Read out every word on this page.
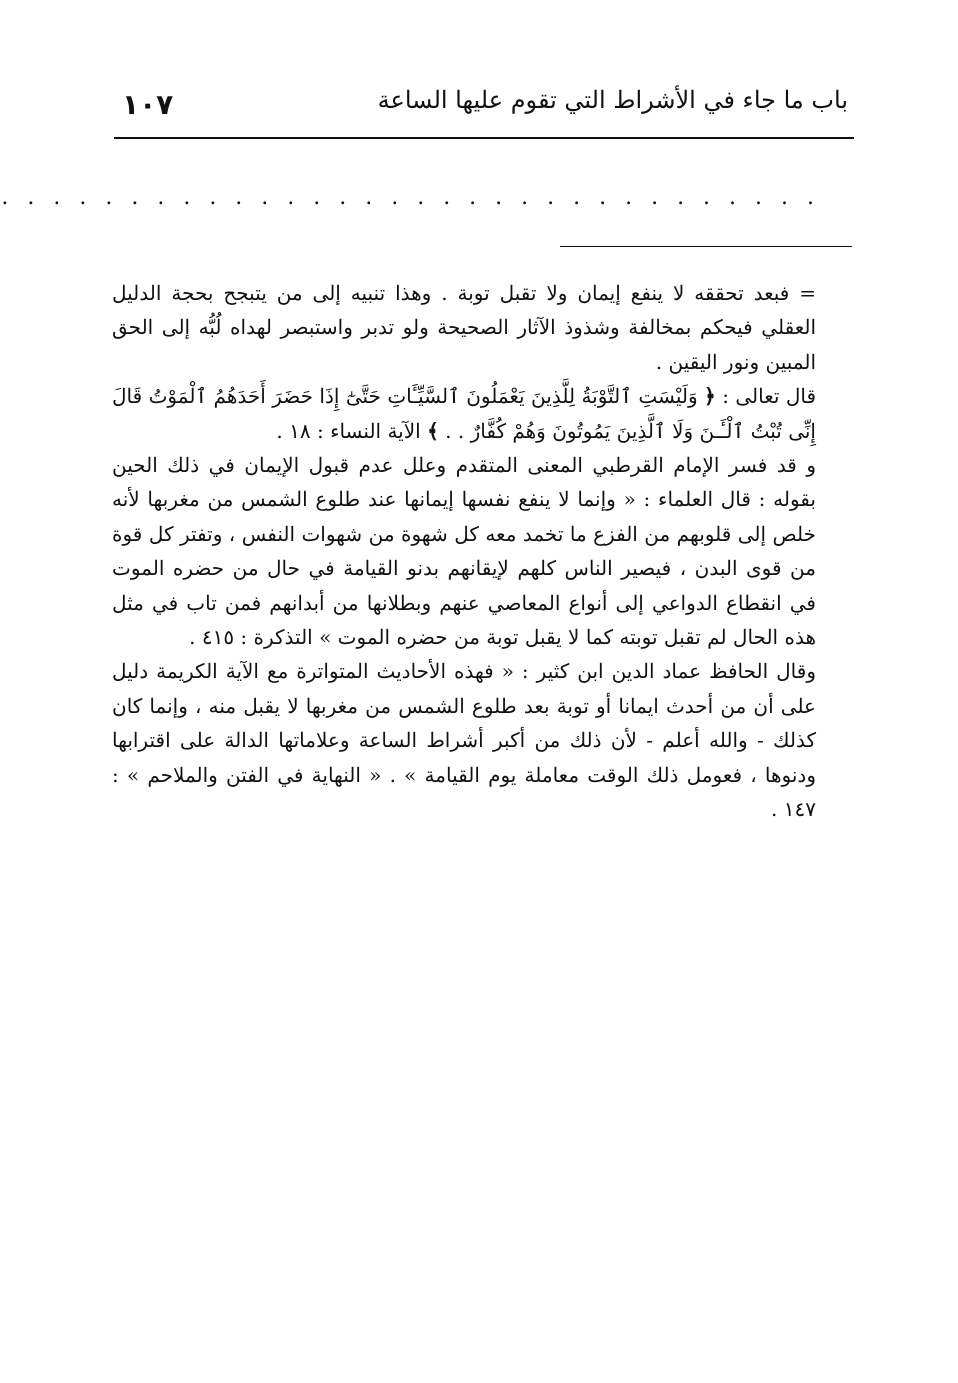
باب ما جاء في الأشراط التي تقوم عليها الساعة
١٠٧
. . . . . . . . . . . . . . . . . . . . . . . . . . . . . . . .

= فبعد تحققه لا ينفع إيمان ولا تقبل توبة . وهذا تنبيه إلى من يتبجح بحجة الدليل العقلي فيحكم بمخالفة وشذوذ الآثار الصحيحة ولو تدبر واستبصر لهداه لُبُّه إلى الحق المبين ونور اليقين .

قال تعالى : ﴿ وَلَيْسَتِ ٱلتَّوْبَةُ لِلَّذِينَ يَعْمَلُونَ ٱلسَّيِّـَٔاتِ حَتَّىٰٓ إِذَا حَضَرَ أَحَدَهُمُ ٱلْمَوْتُ قَالَ إِنِّى تُبْتُ ٱلْـَٔـنَ وَلَا ٱلَّذِينَ يَمُوتُونَ وَهُمْ كُفَّارٌ . . ﴾ الآية النساء : ١٨ .

و قد فسر الإمام القرطبي المعنى المتقدم وعلل عدم قبول الإيمان في ذلك الحين بقوله : قال العلماء : « وإنما لا ينفع نفسها إيمانها عند طلوع الشمس من مغربها لأنه خلص إلى قلوبهم من الفزع ما تخمد معه كل شهوة من شهوات النفس ، وتفتر كل قوة من قوى البدن ، فيصير الناس كلهم لإيقانهم بدنو القيامة في حال من حضره الموت في انقطاع الدواعي إلى أنواع المعاصي عنهم وبطلانها من أبدانهم فمن تاب في مثل هذه الحال لم تقبل توبته كما لا يقبل توبة من حضره الموت » التذكرة : ٤١٥ .

وقال الحافظ عماد الدين ابن كثير : « فهذه الأحاديث المتواترة مع الآية الكريمة دليل على أن من أحدث ايمانا أو توبة بعد طلوع الشمس من مغربها لا يقبل منه ، وإنما كان كذلك - والله أعلم - لأن ذلك من أكبر أشراط الساعة وعلاماتها الدالة على اقترابها ودنوها ، فعومل ذلك الوقت معاملة يوم القيامة » . « النهاية في الفتن والملاحم » : ١٤٧ .
